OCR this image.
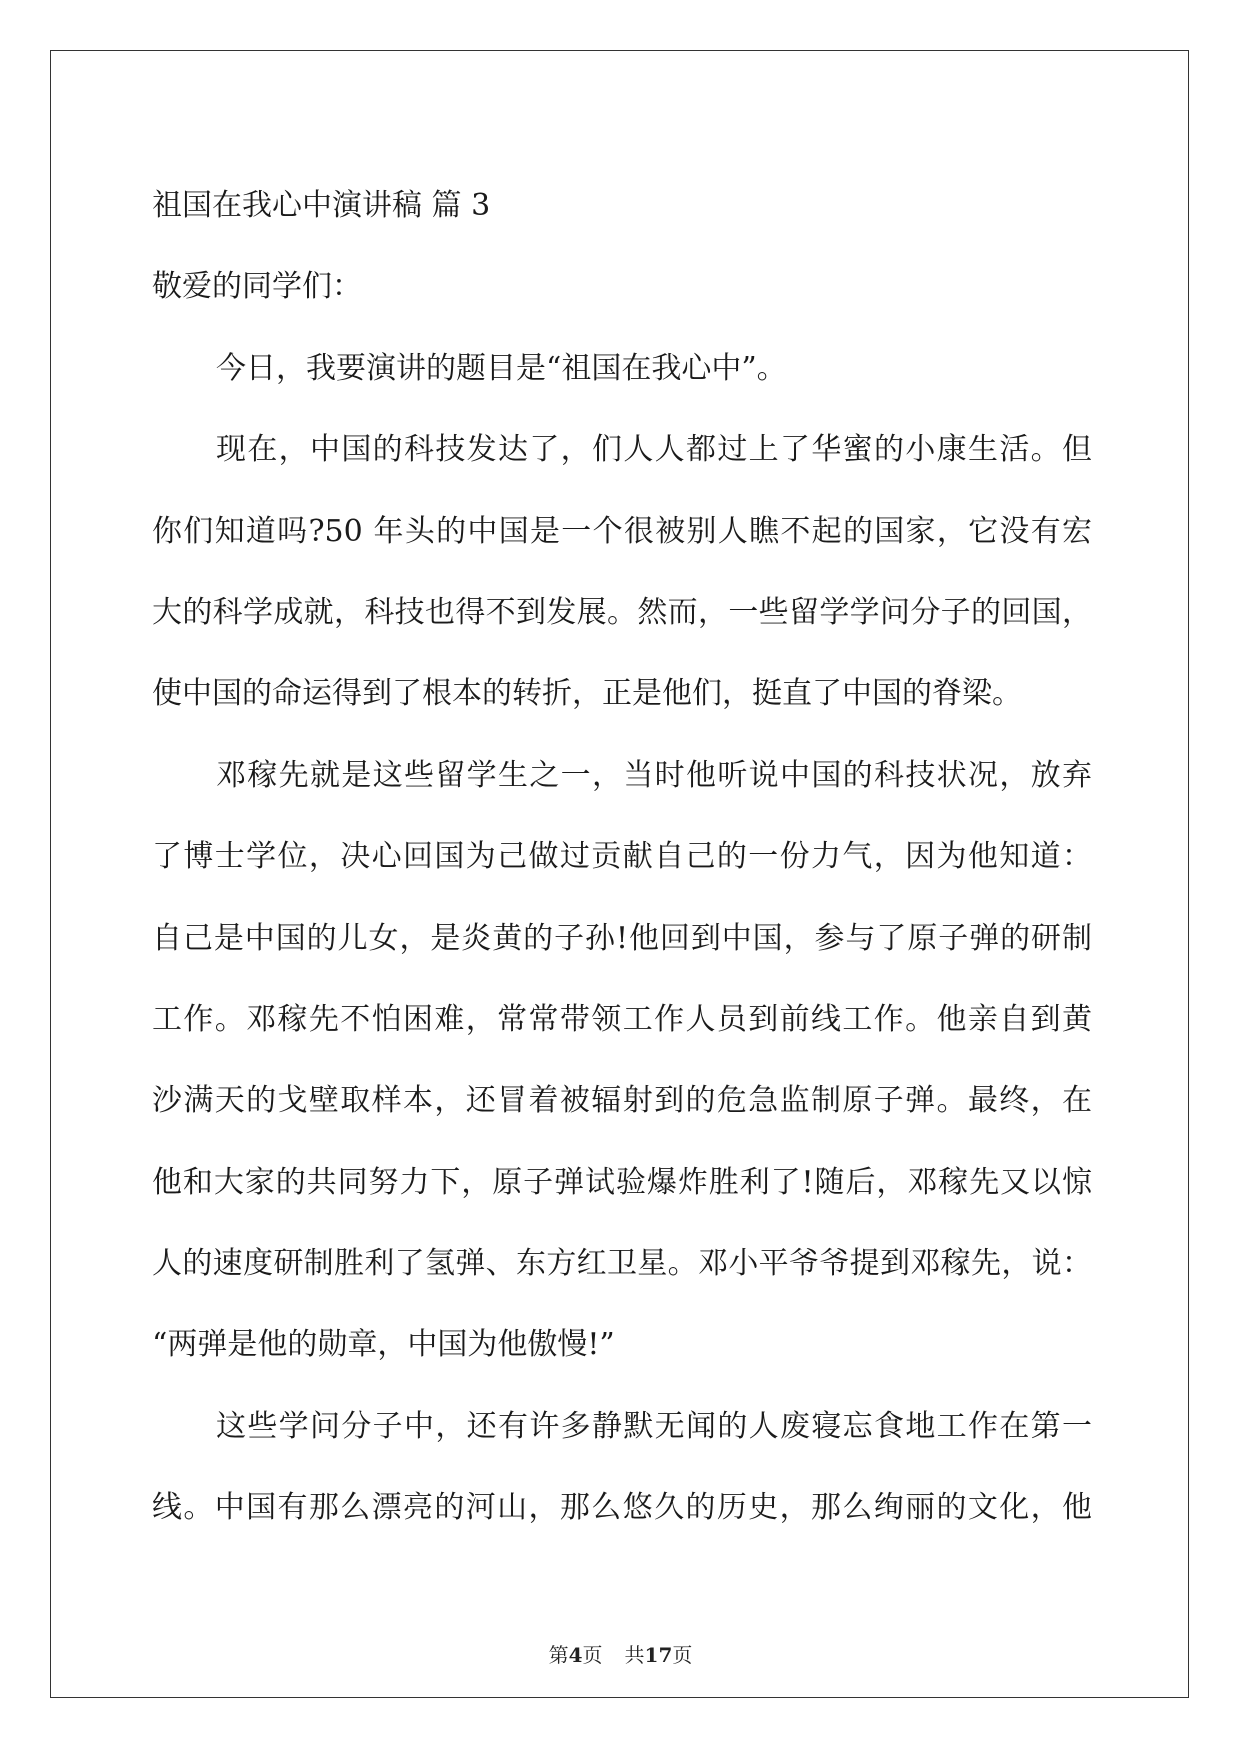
祖国在我心中演讲稿 篇 3
敬爱的同学们：
今日，我要演讲的题目是“祖国在我心中”。
现在，中国的科技发达了，们人人都过上了华蜜的小康生活。但
你们知道吗?50 年头的中国是一个很被别人瞧不起的国家，它没有宏
大的科学成就，科技也得不到发展。然而，一些留学学问分子的回国，
使中国的命运得到了根本的转折，正是他们，挺直了中国的脊梁。
邓稼先就是这些留学生之一，当时他听说中国的科技状况，放弃
了博士学位，决心回国为己做过贡献自己的一份力气，因为他知道：
自己是中国的儿女，是炎黄的子孙!他回到中国，参与了原子弹的研制
工作。邓稼先不怕困难，常常带领工作人员到前线工作。他亲自到黄
沙满天的戈壁取样本，还冒着被辐射到的危急监制原子弹。最终，在
他和大家的共同努力下，原子弹试验爆炸胜利了!随后，邓稼先又以惊
人的速度研制胜利了氢弹、东方红卫星。邓小平爷爷提到邓稼先，说：
“两弹是他的勋章，中国为他傲慢!”
这些学问分子中，还有许多静默无闻的人废寝忘食地工作在第一
线。中国有那么漂亮的河山，那么悠久的历史，那么绚丽的文化，他
第4页 共17页
